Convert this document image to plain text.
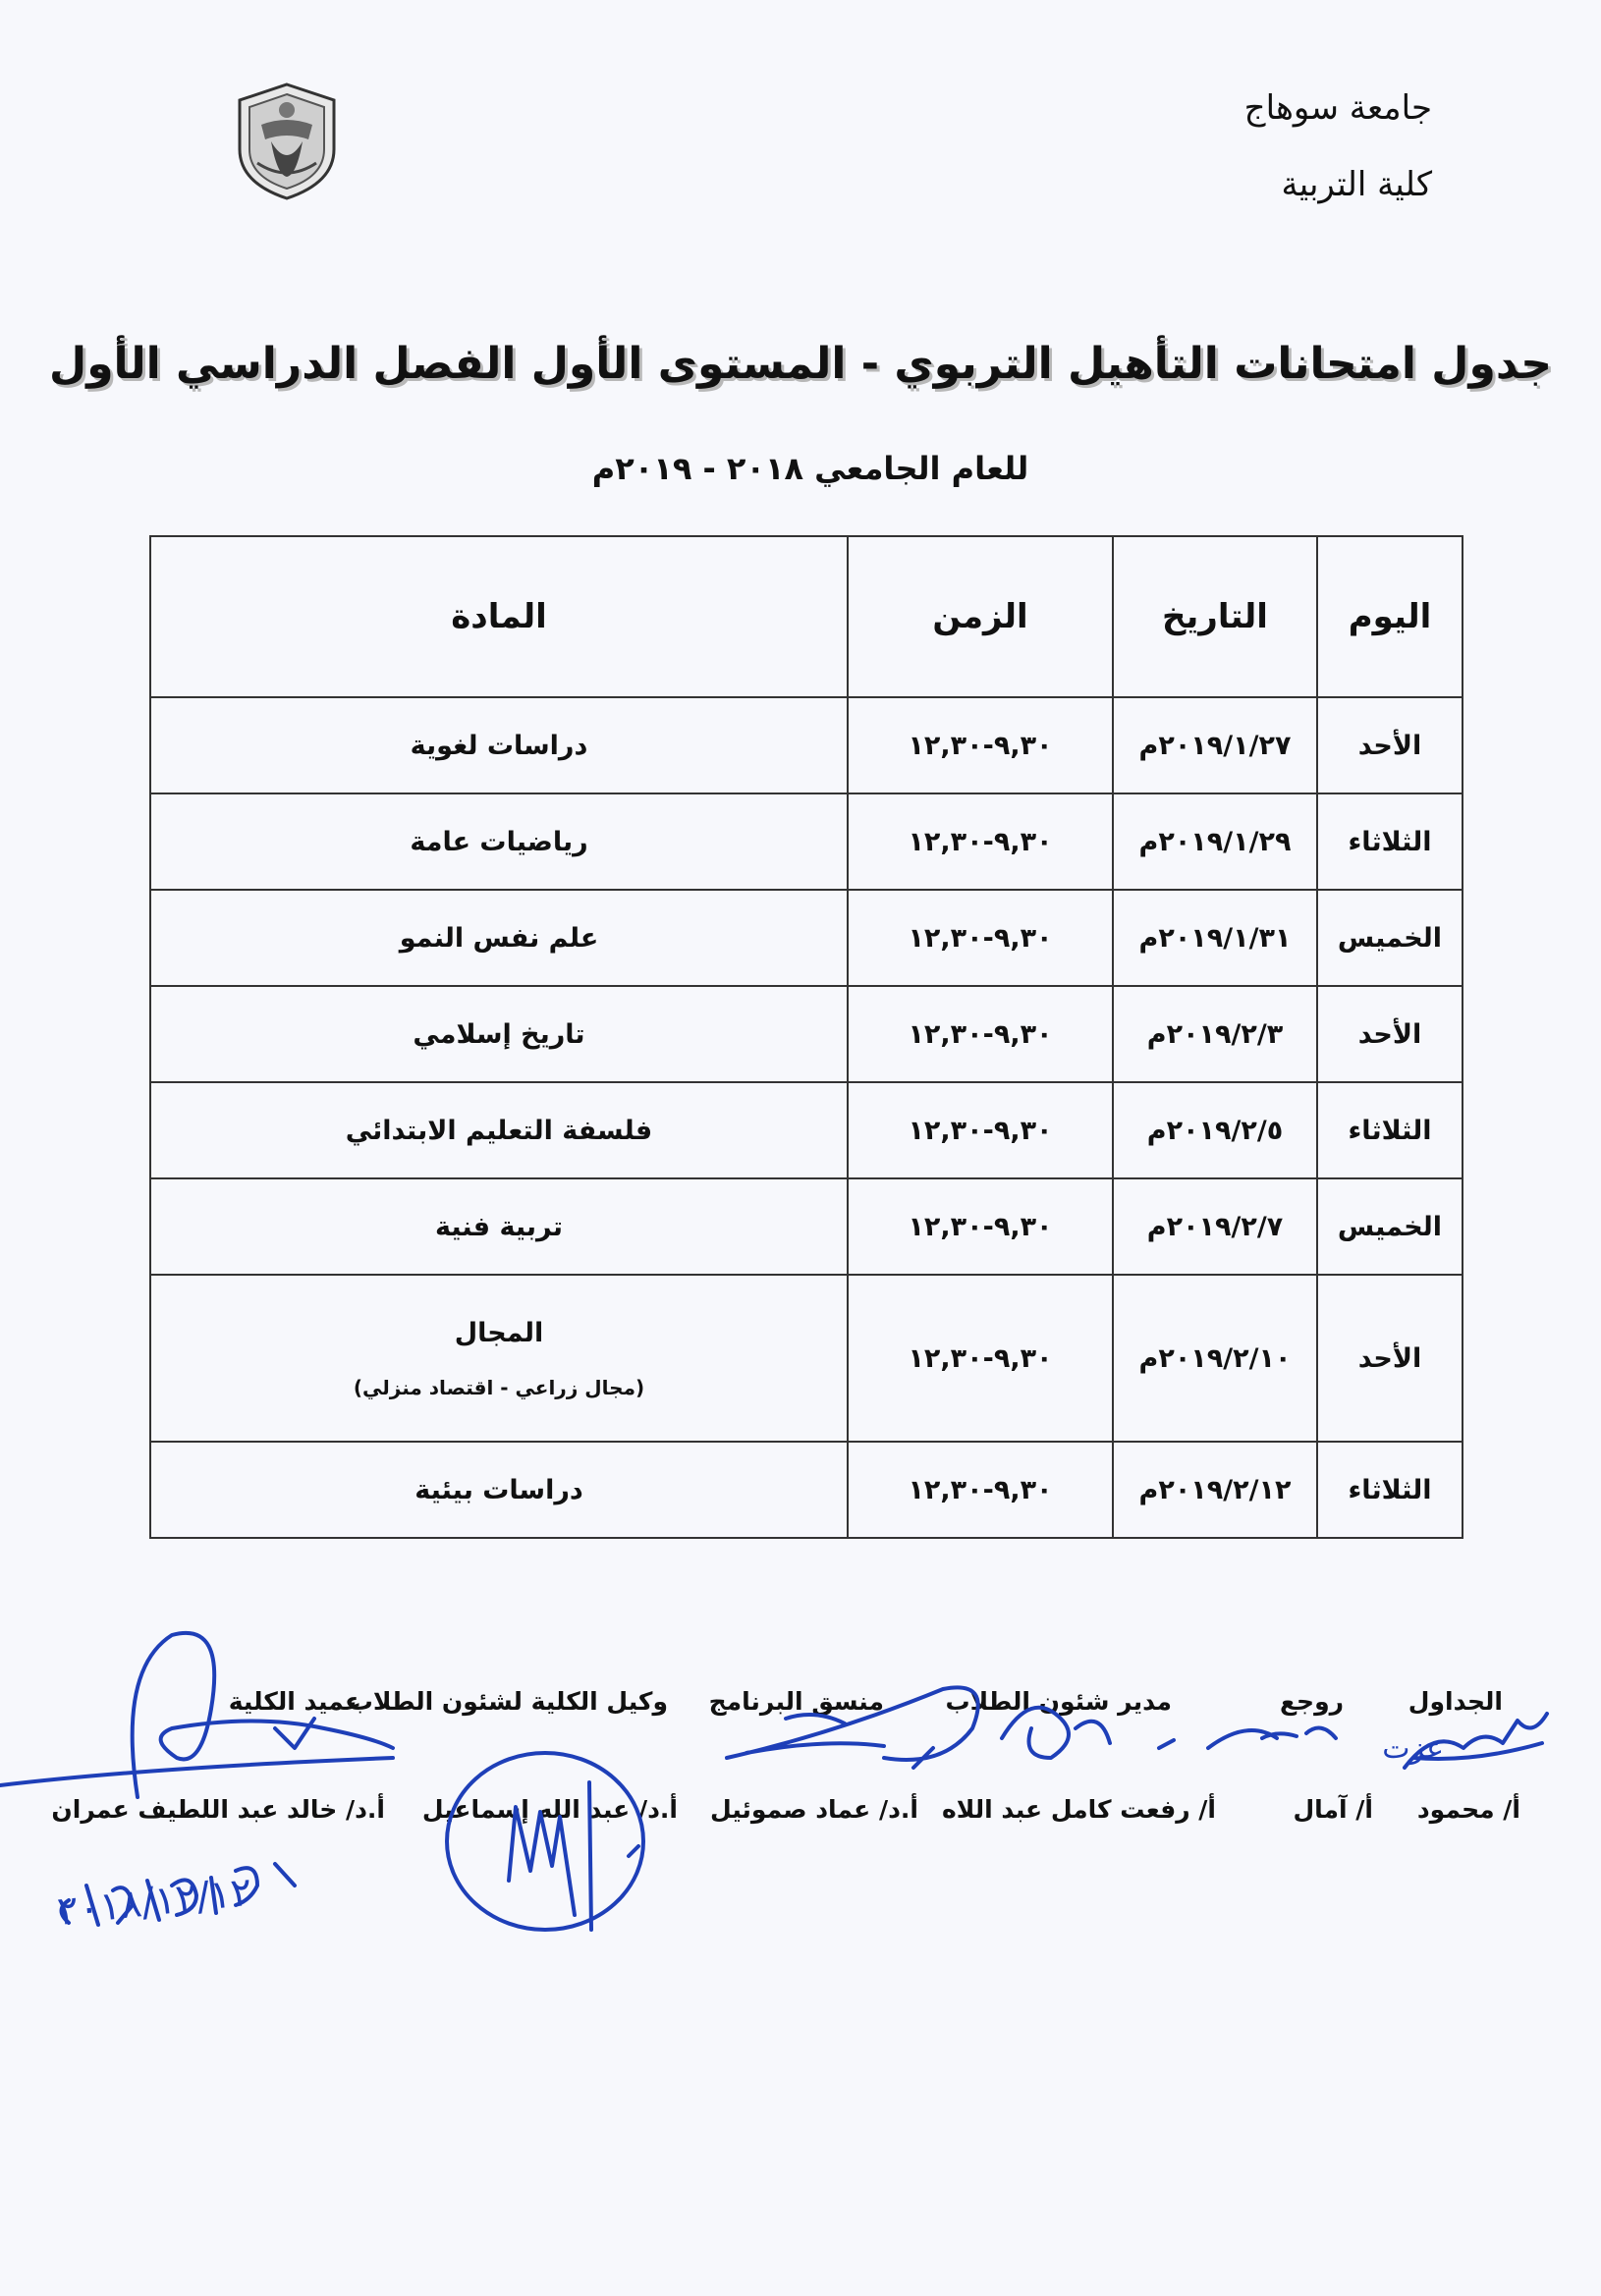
جامعة سوهاج
كلية التربية
جدول امتحانات التأهيل التربوي - المستوى الأول الفصل الدراسي الأول
للعام الجامعي ٢٠١٨ - ٢٠١٩م
اليوم	التاريخ	الزمن	المادة
الأحد	٢٠١٩/١/٢٧م	٩,٣٠-١٢,٣٠	دراسات لغوية
الثلاثاء	٢٠١٩/١/٢٩م	٩,٣٠-١٢,٣٠	رياضيات عامة
الخميس	٢٠١٩/١/٣١م	٩,٣٠-١٢,٣٠	علم نفس النمو
الأحد	٢٠١٩/٢/٣م	٩,٣٠-١٢,٣٠	تاريخ إسلامي
الثلاثاء	٢٠١٩/٢/٥م	٩,٣٠-١٢,٣٠	فلسفة التعليم الابتدائي
الخميس	٢٠١٩/٢/٧م	٩,٣٠-١٢,٣٠	تربية فنية
الأحد	٢٠١٩/٢/١٠م	٩,٣٠-١٢,٣٠	المجال
(مجال زراعي - اقتصاد منزلي)

الثلاثاء	٢٠١٩/٢/١٢م	٩,٣٠-١٢,٣٠	دراسات بيئية
الجداول
روجع
مدير شئون الطلاب
منسق البرنامج
وكيل الكلية لشئون الطلاب
عميد الكلية
أ/ محمود
أ/ آمال
أ/ رفعت كامل عبد اللاه
أ.د/ عماد صموئيل
أ.د/ عبد الله إسماعيل
أ.د/ خالد عبد اللطيف عمران
٢٠١٨/١٢/١٢
عزت
